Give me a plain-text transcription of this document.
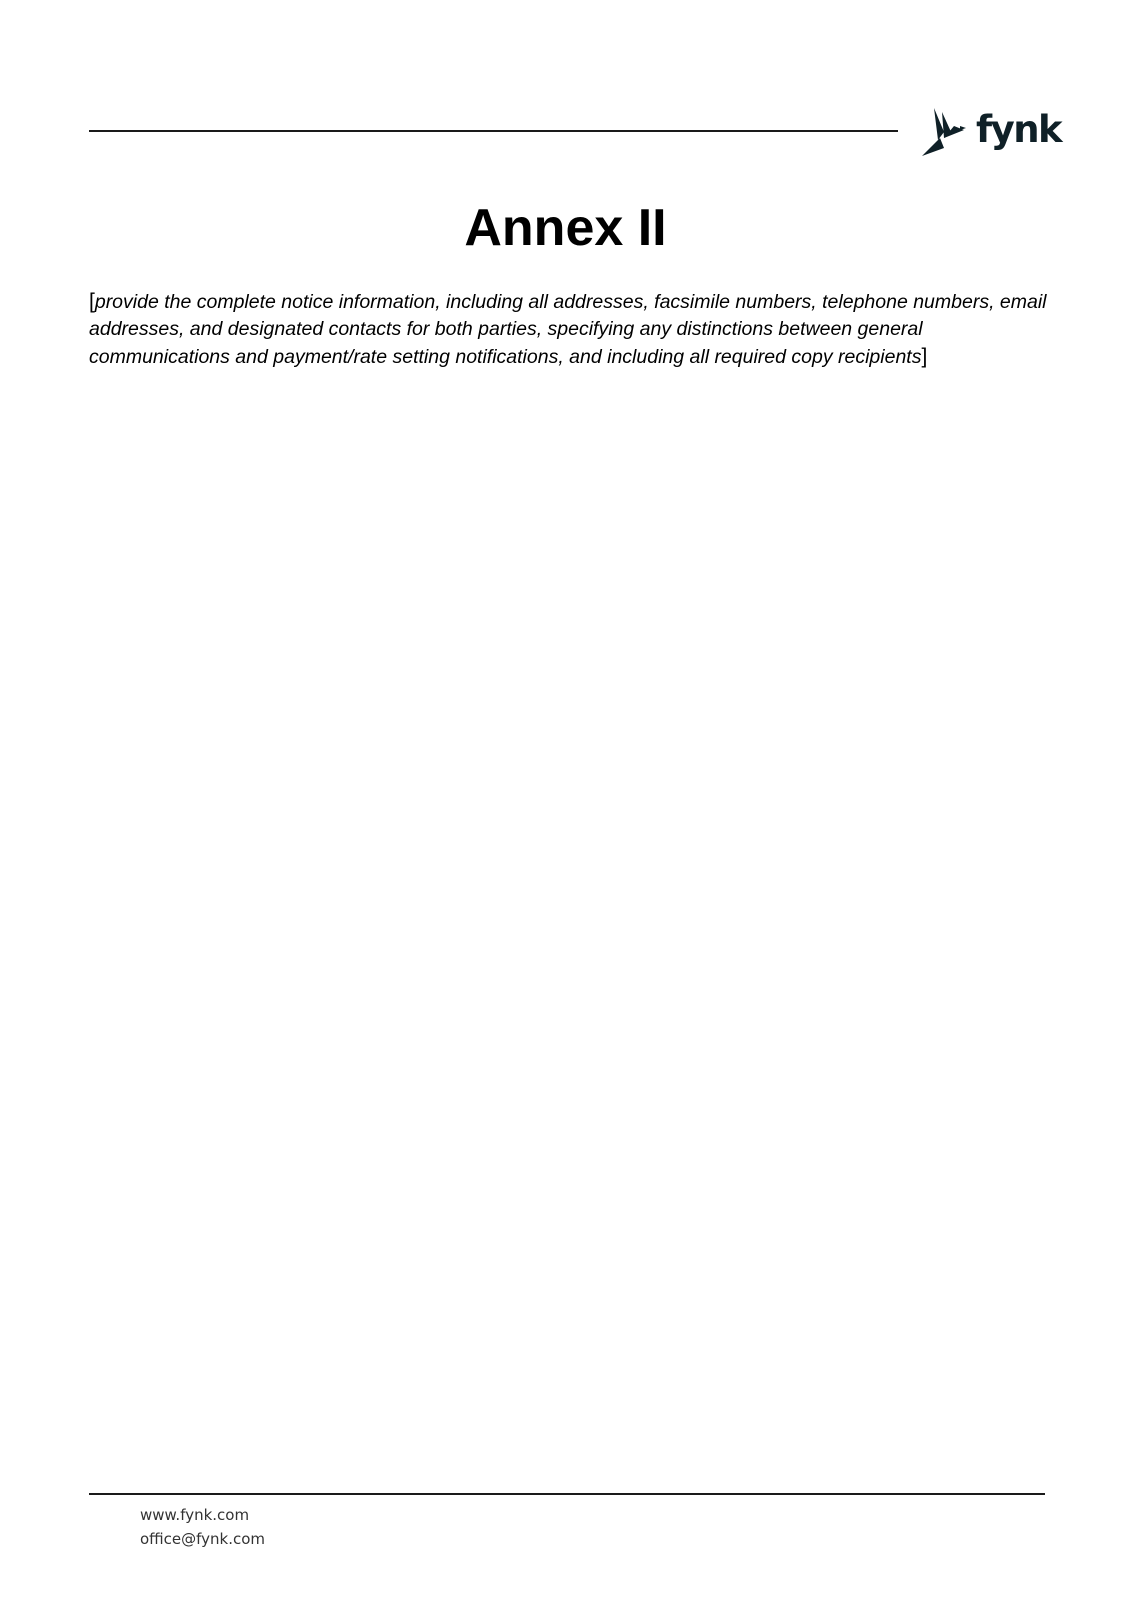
fynk
Annex II

[provide the complete notice information, including all addresses, facsimile numbers, telephone numbers, email addresses, and designated contacts for both parties, specifying any distinctions between general communications and payment/rate setting notifications, and including all required copy recipients]

www.fynk.com
office@fynk.com
